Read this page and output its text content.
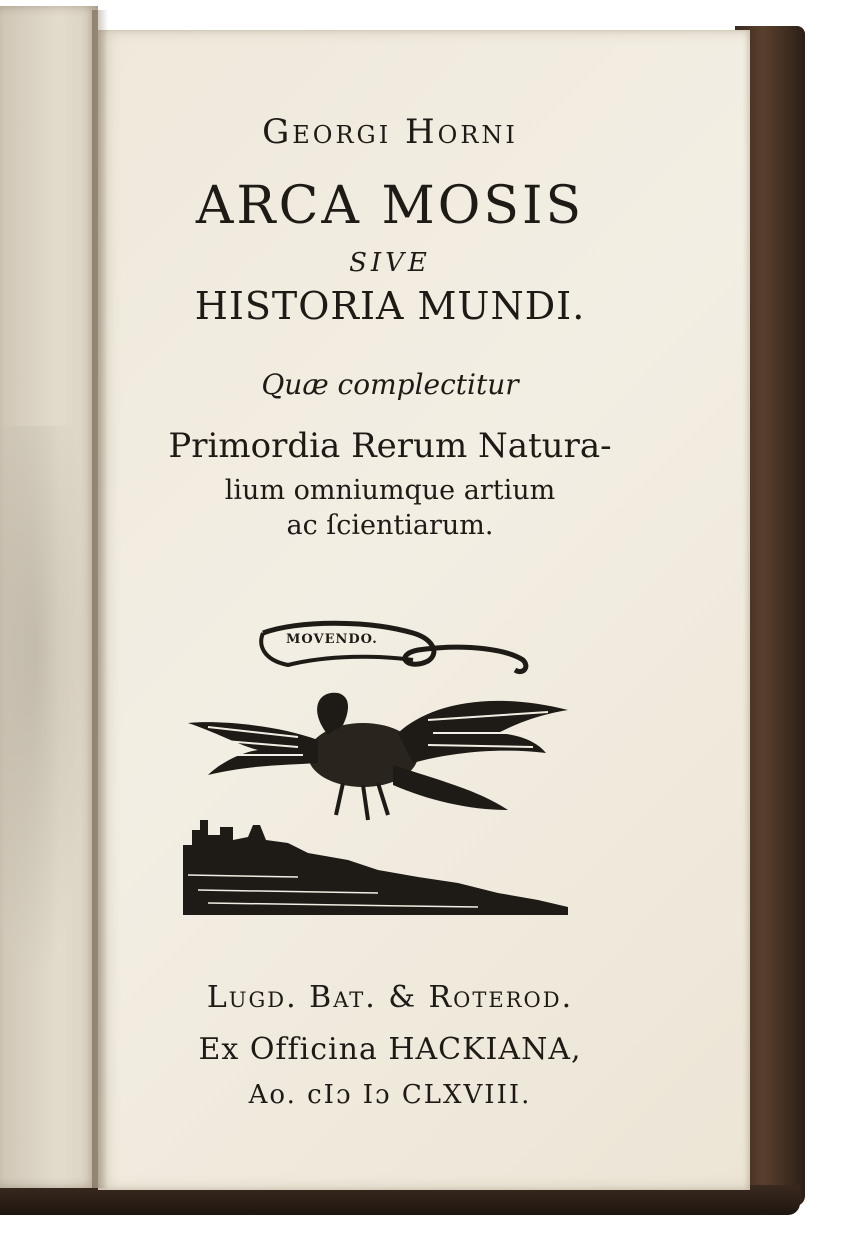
Georgi Horni

ARCA MOSIS

SIVE

HISTORIA MUNDI.

Quæ complectitur

Primordia Rerum Natura-

lium omniumque artium

ac ſcientiarum.

MOVENDO.

Lugd. Bat. & Roterod.

Ex Officina HACKIANA,

Ao. cIɔ Iɔ CLXVIII.
